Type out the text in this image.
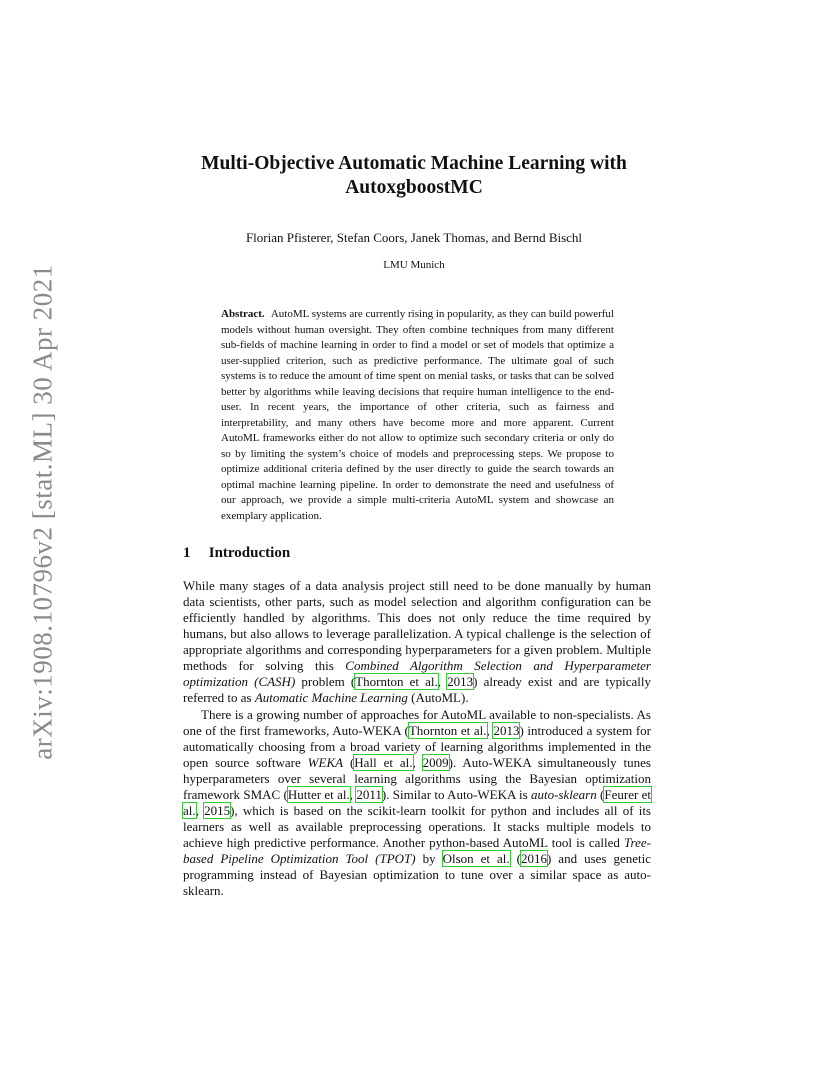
arXiv:1908.10796v2 [stat.ML] 30 Apr 2021
Multi-Objective Automatic Machine Learning with
AutoxgboostMC
Florian Pfisterer, Stefan Coors, Janek Thomas, and Bernd Bischl
LMU Munich
Abstract. AutoML systems are currently rising in popularity, as they can build powerful models without human oversight. They often combine techniques from many different sub-fields of machine learning in order to find a model or set of models that optimize a user-supplied criterion, such as predictive performance. The ultimate goal of such systems is to reduce the amount of time spent on menial tasks, or tasks that can be solved better by algorithms while leaving decisions that require human intelligence to the end-user. In recent years, the importance of other criteria, such as fairness and interpretability, and many others have become more and more apparent. Current AutoML frameworks either do not allow to optimize such secondary criteria or only do so by limiting the system’s choice of models and preprocessing steps. We propose to optimize additional criteria defined by the user directly to guide the search towards an optimal machine learning pipeline. In order to demonstrate the need and usefulness of our approach, we provide a simple multi-criteria AutoML system and showcase an exemplary application.
1 Introduction

While many stages of a data analysis project still need to be done manually by human data scientists, other parts, such as model selection and algorithm configuration can be efficiently handled by algorithms. This does not only reduce the time required by humans, but also allows to leverage parallelization. A typical challenge is the selection of appropriate algorithms and corresponding hyperparameters for a given problem. Multiple methods for solving this Combined Algorithm Selection and Hyperparameter optimization (CASH) problem (Thornton et al., 2013) already exist and are typically referred to as Automatic Machine Learning (AutoML).

There is a growing number of approaches for AutoML available to non-specialists. As one of the first frameworks, Auto-WEKA (Thornton et al., 2013) introduced a system for automatically choosing from a broad variety of learning algorithms implemented in the open source software WEKA (Hall et al., 2009). Auto-WEKA simultaneously tunes hyperparameters over several learning algorithms using the Bayesian optimization framework SMAC (Hutter et al., 2011). Similar to Auto-WEKA is auto-sklearn (Feurer et al., 2015), which is based on the scikit-learn toolkit for python and includes all of its learners as well as available preprocessing operations. It stacks multiple models to achieve high predictive performance. Another python-based AutoML tool is called Tree-based Pipeline Optimization Tool (TPOT) by Olson et al. (2016) and uses genetic programming instead of Bayesian optimization to tune over a similar space as auto-sklearn.
